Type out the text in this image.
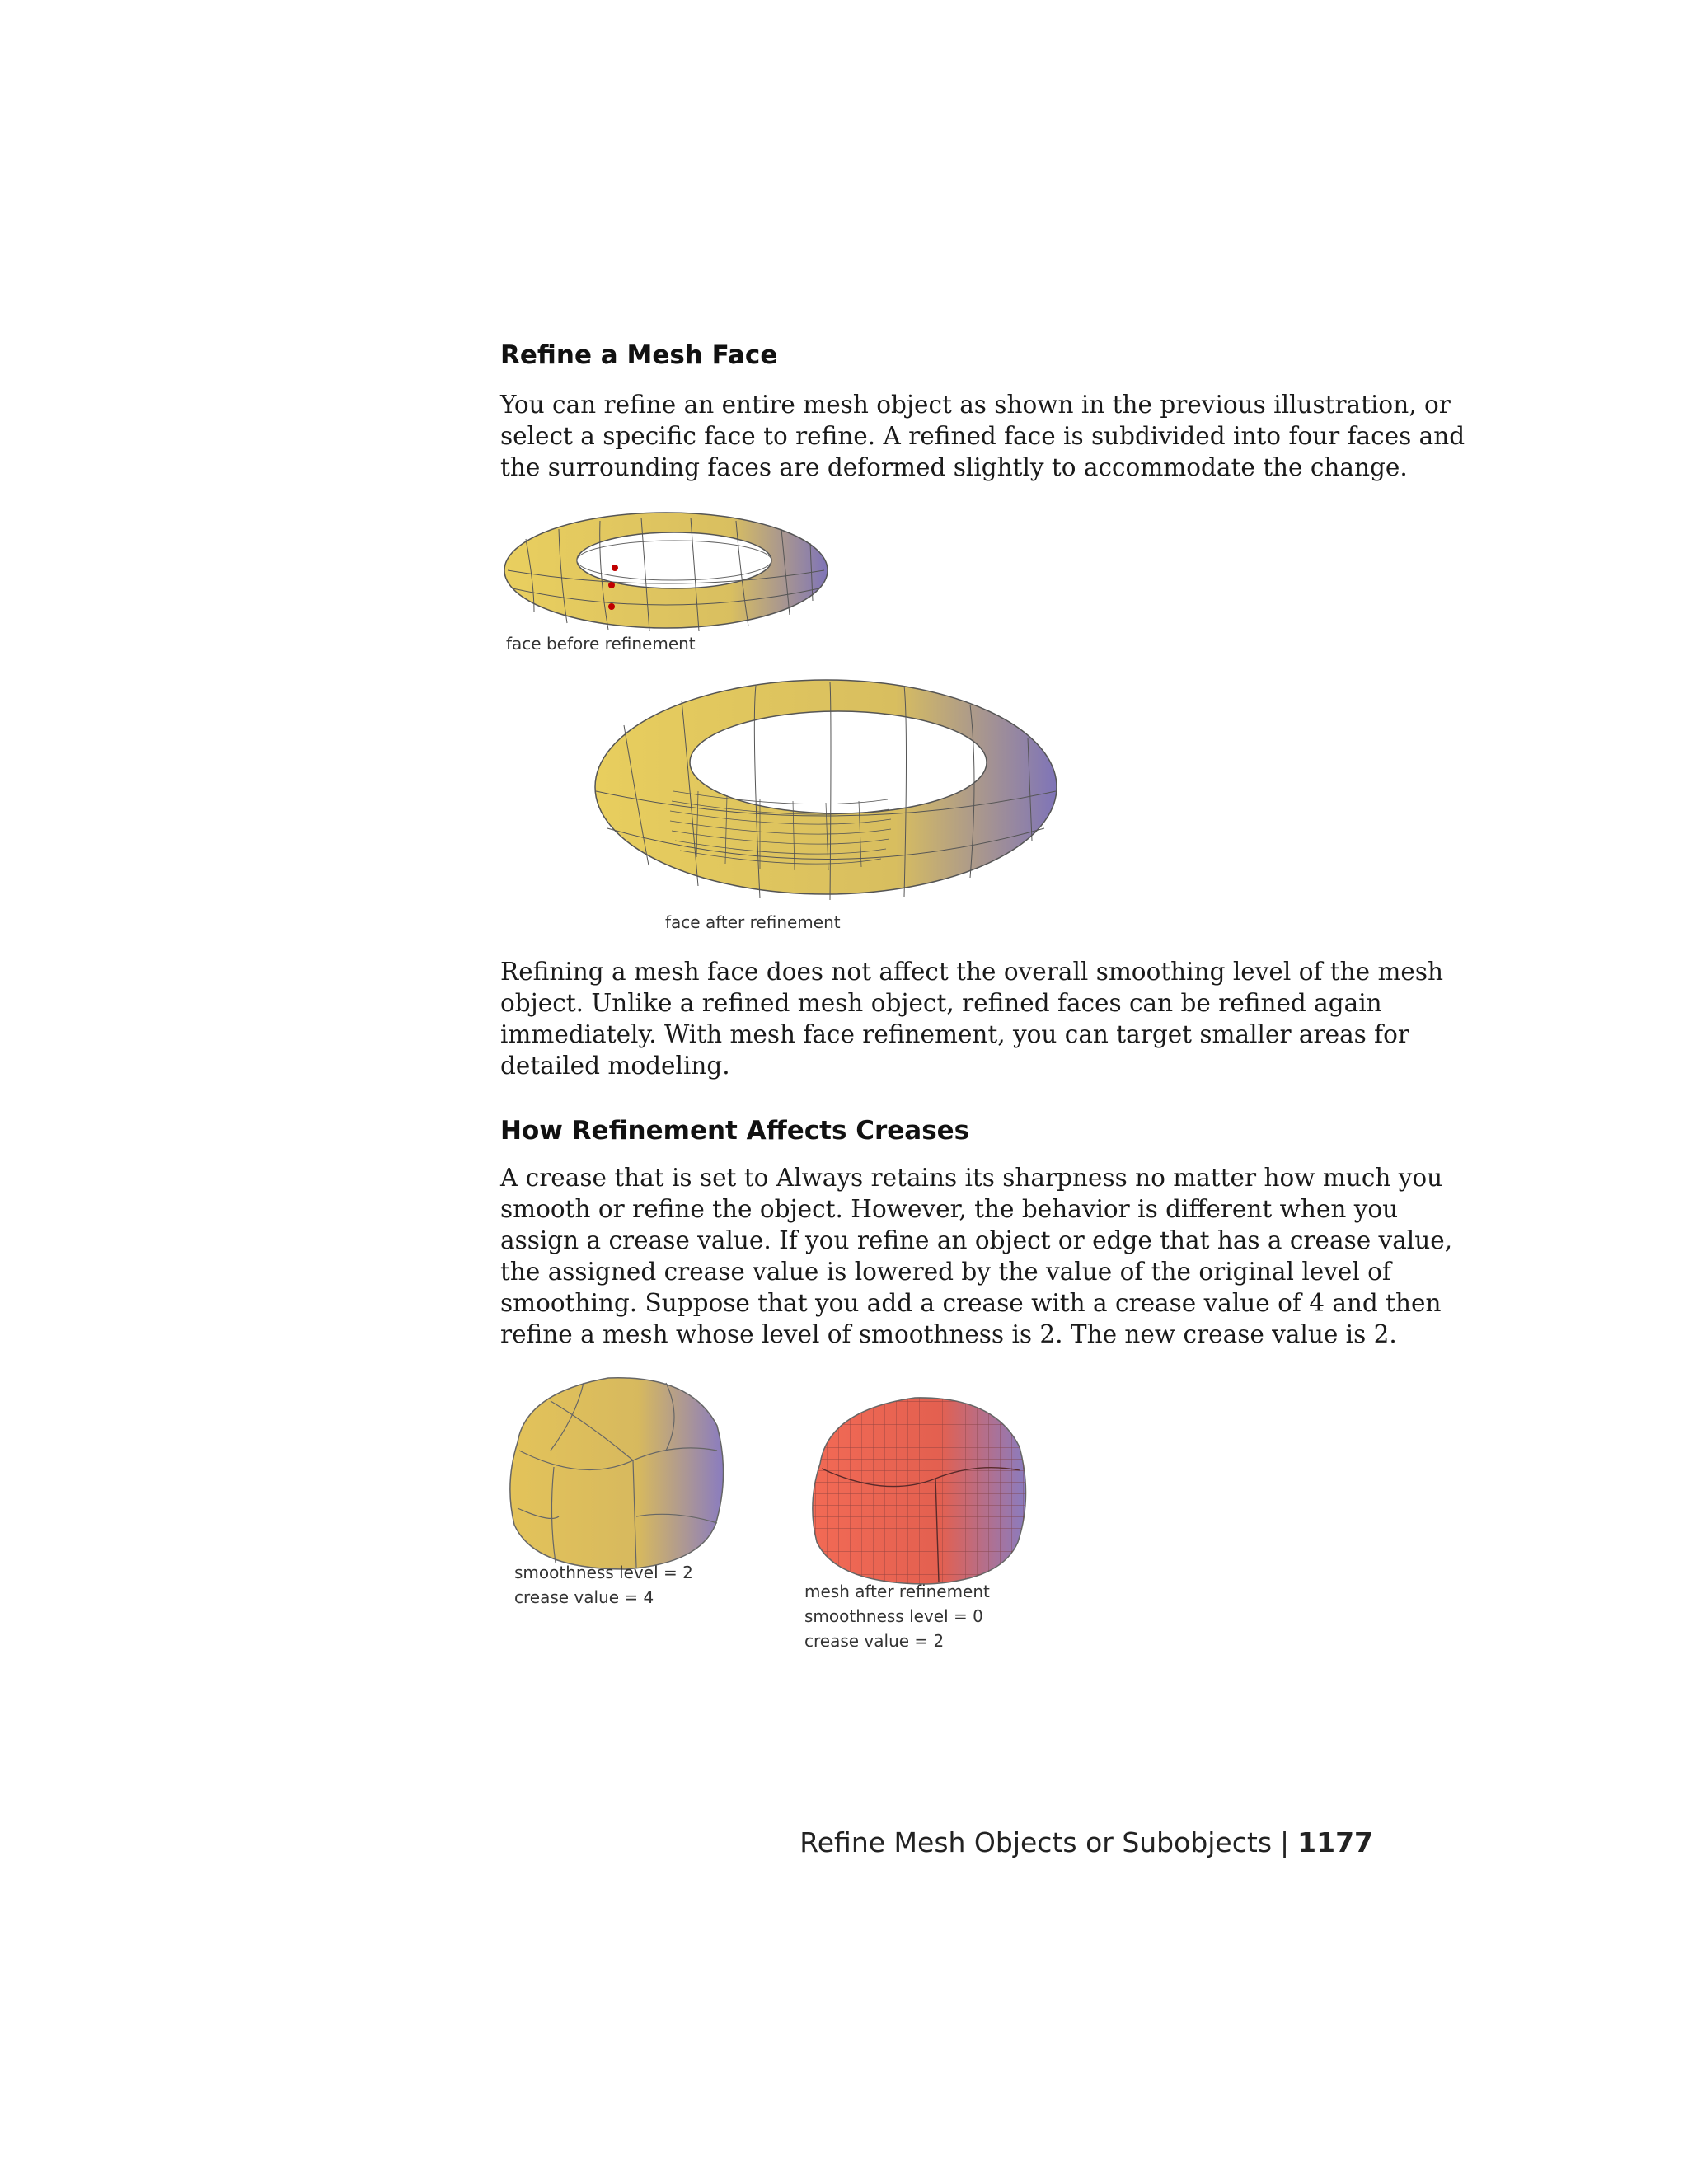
Refine a Mesh Face

You can refine an entire mesh object as shown in the previous illustration, or
select a specific face to refine. A refined face is subdivided into four faces and
the surrounding faces are deformed slightly to accommodate the change.

face before refinement

face after refinement

Refining a mesh face does not affect the overall smoothing level of the mesh
object. Unlike a refined mesh object, refined faces can be refined again
immediately. With mesh face refinement, you can target smaller areas for
detailed modeling.

How Refinement Affects Creases

A crease that is set to Always retains its sharpness no matter how much you
smooth or refine the object. However, the behavior is different when you
assign a crease value. If you refine an object or edge that has a crease value,
the assigned crease value is lowered by the value of the original level of
smoothing. Suppose that you add a crease with a crease value of 4 and then
refine a mesh whose level of smoothness is 2. The new crease value is 2.

smoothness level = 2
crease value = 4	mesh after refinement
smoothness level = 0
crease value = 2

Refine Mesh Objects or Subobjects | 1177
